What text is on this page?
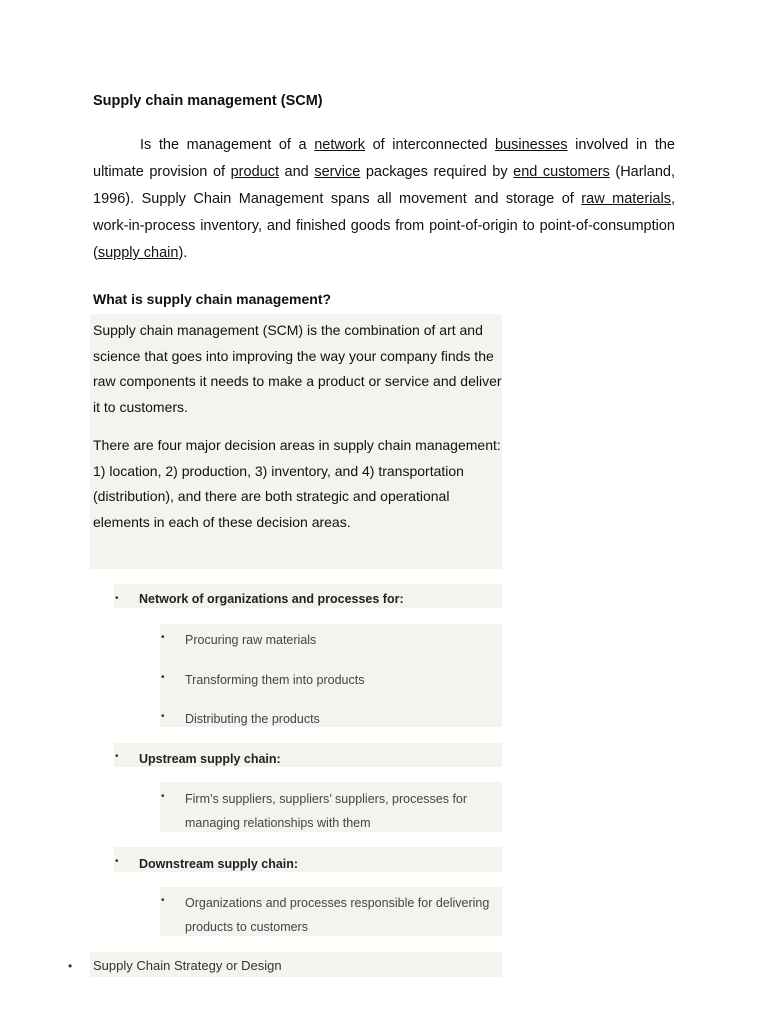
Supply chain management (SCM)
Is the management of a network of interconnected businesses involved in the ultimate provision of product and service packages required by end customers (Harland, 1996). Supply Chain Management spans all movement and storage of raw materials, work-in-process inventory, and finished goods from point-of-origin to point-of-consumption (supply chain).
What is supply chain management?
Supply chain management (SCM) is the combination of art and science that goes into improving the way your company finds the raw components it needs to make a product or service and deliver it to customers.
There are four major decision areas in supply chain management: 1) location, 2) production, 3) inventory, and 4) transportation (distribution), and there are both strategic and operational elements in each of these decision areas.
•	Network of organizations and processes for:
•	Procuring raw materials
•	Transforming them into products
•	Distributing the products
•	Upstream supply chain:
•	Firm’s suppliers, suppliers’ suppliers, processes for
managing relationships with them
•	Downstream supply chain:
•	Organizations and processes responsible for delivering
products to customers
•	Supply Chain Strategy or Design
